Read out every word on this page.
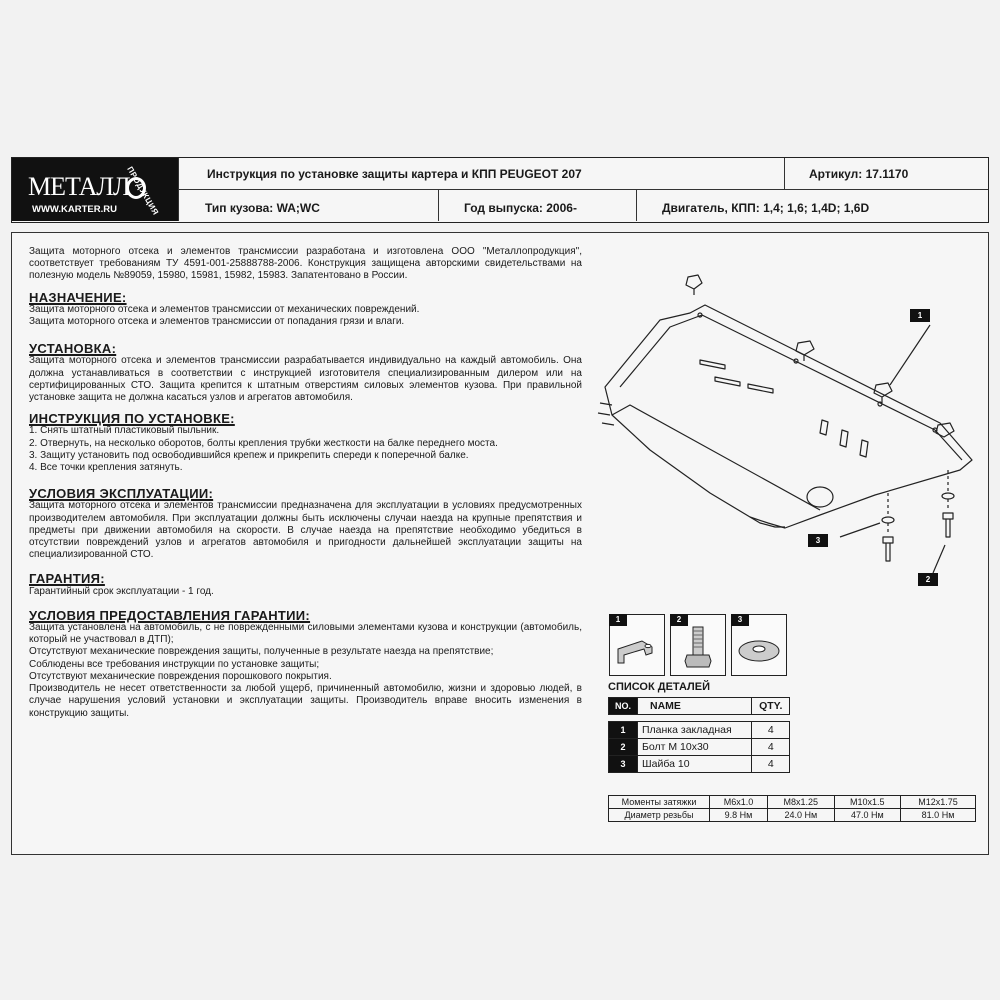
МЕТАЛЛ
ПРОДУКЦИЯ
WWW.KARTER.RU
Инструкция по установке защиты картера и КПП PEUGEOT 207	Артикул: 17.1170
Тип кузова: WA;WC	Год выпуска: 2006-	Двигатель, КПП: 1,4; 1,6; 1,4D; 1,6D
Защита моторного отсека и элементов трансмиссии разработана и изготовлена ООО "Металлопродукция", соответствует требованиям ТУ 4591-001-25888788-2006. Конструкция защищена авторскими свидетельствами на полезную модель №89059, 15980, 15981, 15982, 15983. Запатентовано в России.
НАЗНАЧЕНИЕ:
Защита моторного отсека и элементов трансмиссии от механических повреждений.
Защита моторного отсека и элементов трансмиссии от попадания грязи и влаги.
УСТАНОВКА:
Защита моторного отсека и элементов трансмиссии разрабатывается индивидуально на каждый автомобиль. Она должна устанавливаться в соответствии с инструкцией изготовителя специализированным дилером или на сертифицированных СТО. Защита крепится к штатным отверстиям силовых элементов кузова. При правильной установке защита не должна касаться узлов и агрегатов автомобиля.
ИНСТРУКЦИЯ ПО УСТАНОВКЕ:
1. Снять штатный пластиковый пыльник.
2. Отвернуть, на несколько оборотов, болты крепления трубки жесткости на балке переднего моста.
3. Защиту установить под освободившийся крепеж и прикрепить спереди к поперечной балке.
4. Все точки крепления затянуть.
УСЛОВИЯ ЭКСПЛУАТАЦИИ:
Защита моторного отсека и элементов трансмиссии предназначена для эксплуатации в условиях предусмотренных производителем автомобиля. При эксплуатации должны быть исключены случаи наезда на крупные препятствия и предметы при движении автомобиля на скорости. В случае наезда на препятствие необходимо убедиться в отсутствии повреждений узлов и агрегатов автомобиля и пригодности дальнейшей эксплуатации защиты на специализированной СТО.
ГАРАНТИЯ:
Гарантийный срок эксплуатации - 1 год.
УСЛОВИЯ ПРЕДОСТАВЛЕНИЯ ГАРАНТИИ:
Защита установлена на автомобиль, с не поврежденными силовыми элементами кузова и конструкции (автомобиль, который не участвовал в ДТП);
Отсутствуют механические повреждения защиты, полученные в результате наезда на препятствие;
Соблюдены все требования инструкции по установке защиты;
Отсутствуют механические повреждения порошкового покрытия.
Производитель не несет ответственности за любой ущерб, причиненный автомобилю, жизни и здоровью людей, в случае нарушения условий установки и эксплуатации защиты. Производитель вправе вносить изменения в конструкцию защиты.
1
2
3
1	2	3
СПИСОК ДЕТАЛЕЙ
NO.	NAME	QTY.

1	Планка закладная	4
2	Болт М 10х30	4
3	Шайба 10	4
Моменты затяжки	M6x1.0	M8x1.25	M10x1.5	M12x1.75
Диаметр резьбы	9.8 Нм	24.0 Нм	47.0 Нм	81.0 Нм
